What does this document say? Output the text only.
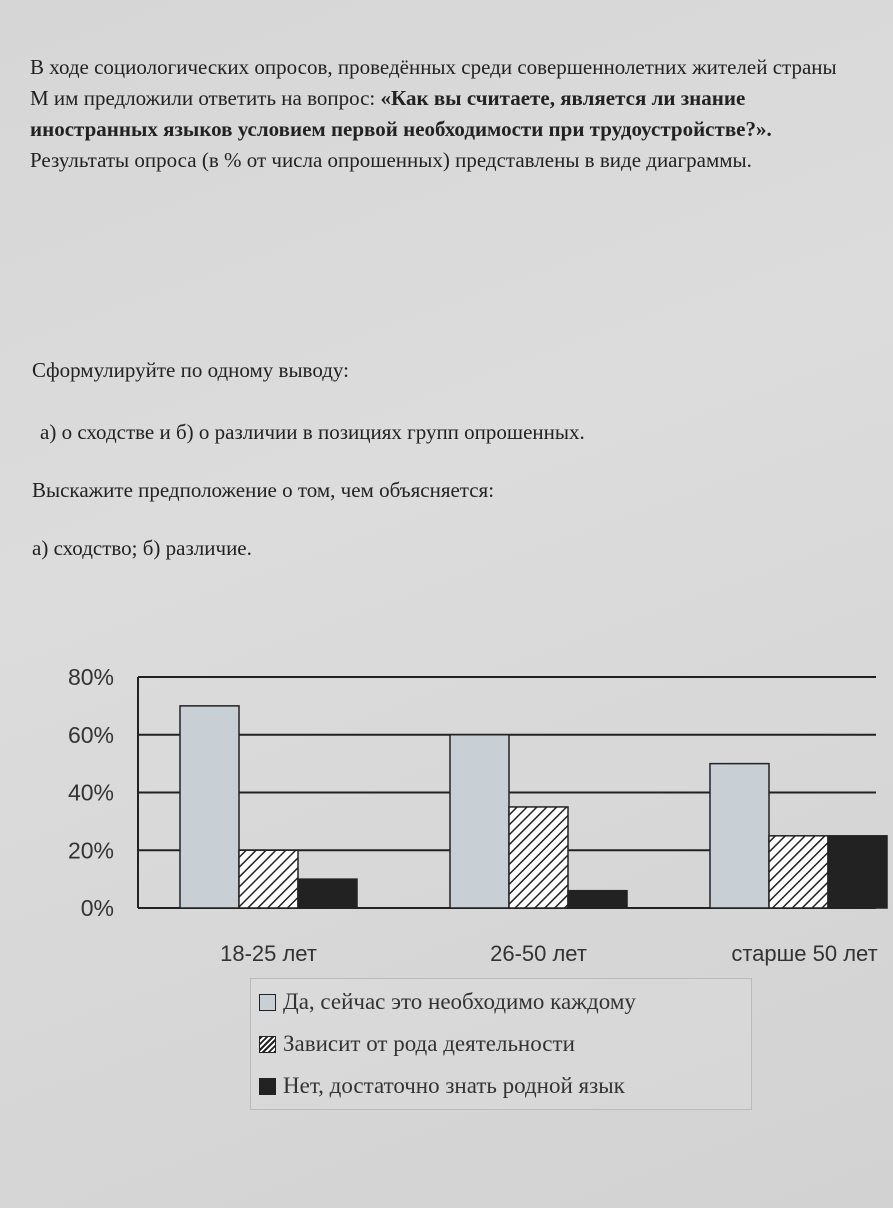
В ходе социологических опросов, проведённых среди совершеннолетних жителей страны М им предложили ответить на вопрос: «Как вы считаете, является ли знание иностранных языков условием первой необходимости при трудоустройстве?». Результаты опроса (в % от числа опрошенных) представлены в виде диаграммы.

Сформулируйте по одному выводу:

а) о сходстве и б) о различии в позициях групп опрошенных.

Выскажите предположение о том, чем объясняется:

а) сходство; б) различие.

0%
20%
40%
60%
80%
18-25 лет	26-50 лет	старше 50 лет
Да, сейчас это необходимо каждому
Зависит от рода деятельности
Нет, достаточно знать родной язык
